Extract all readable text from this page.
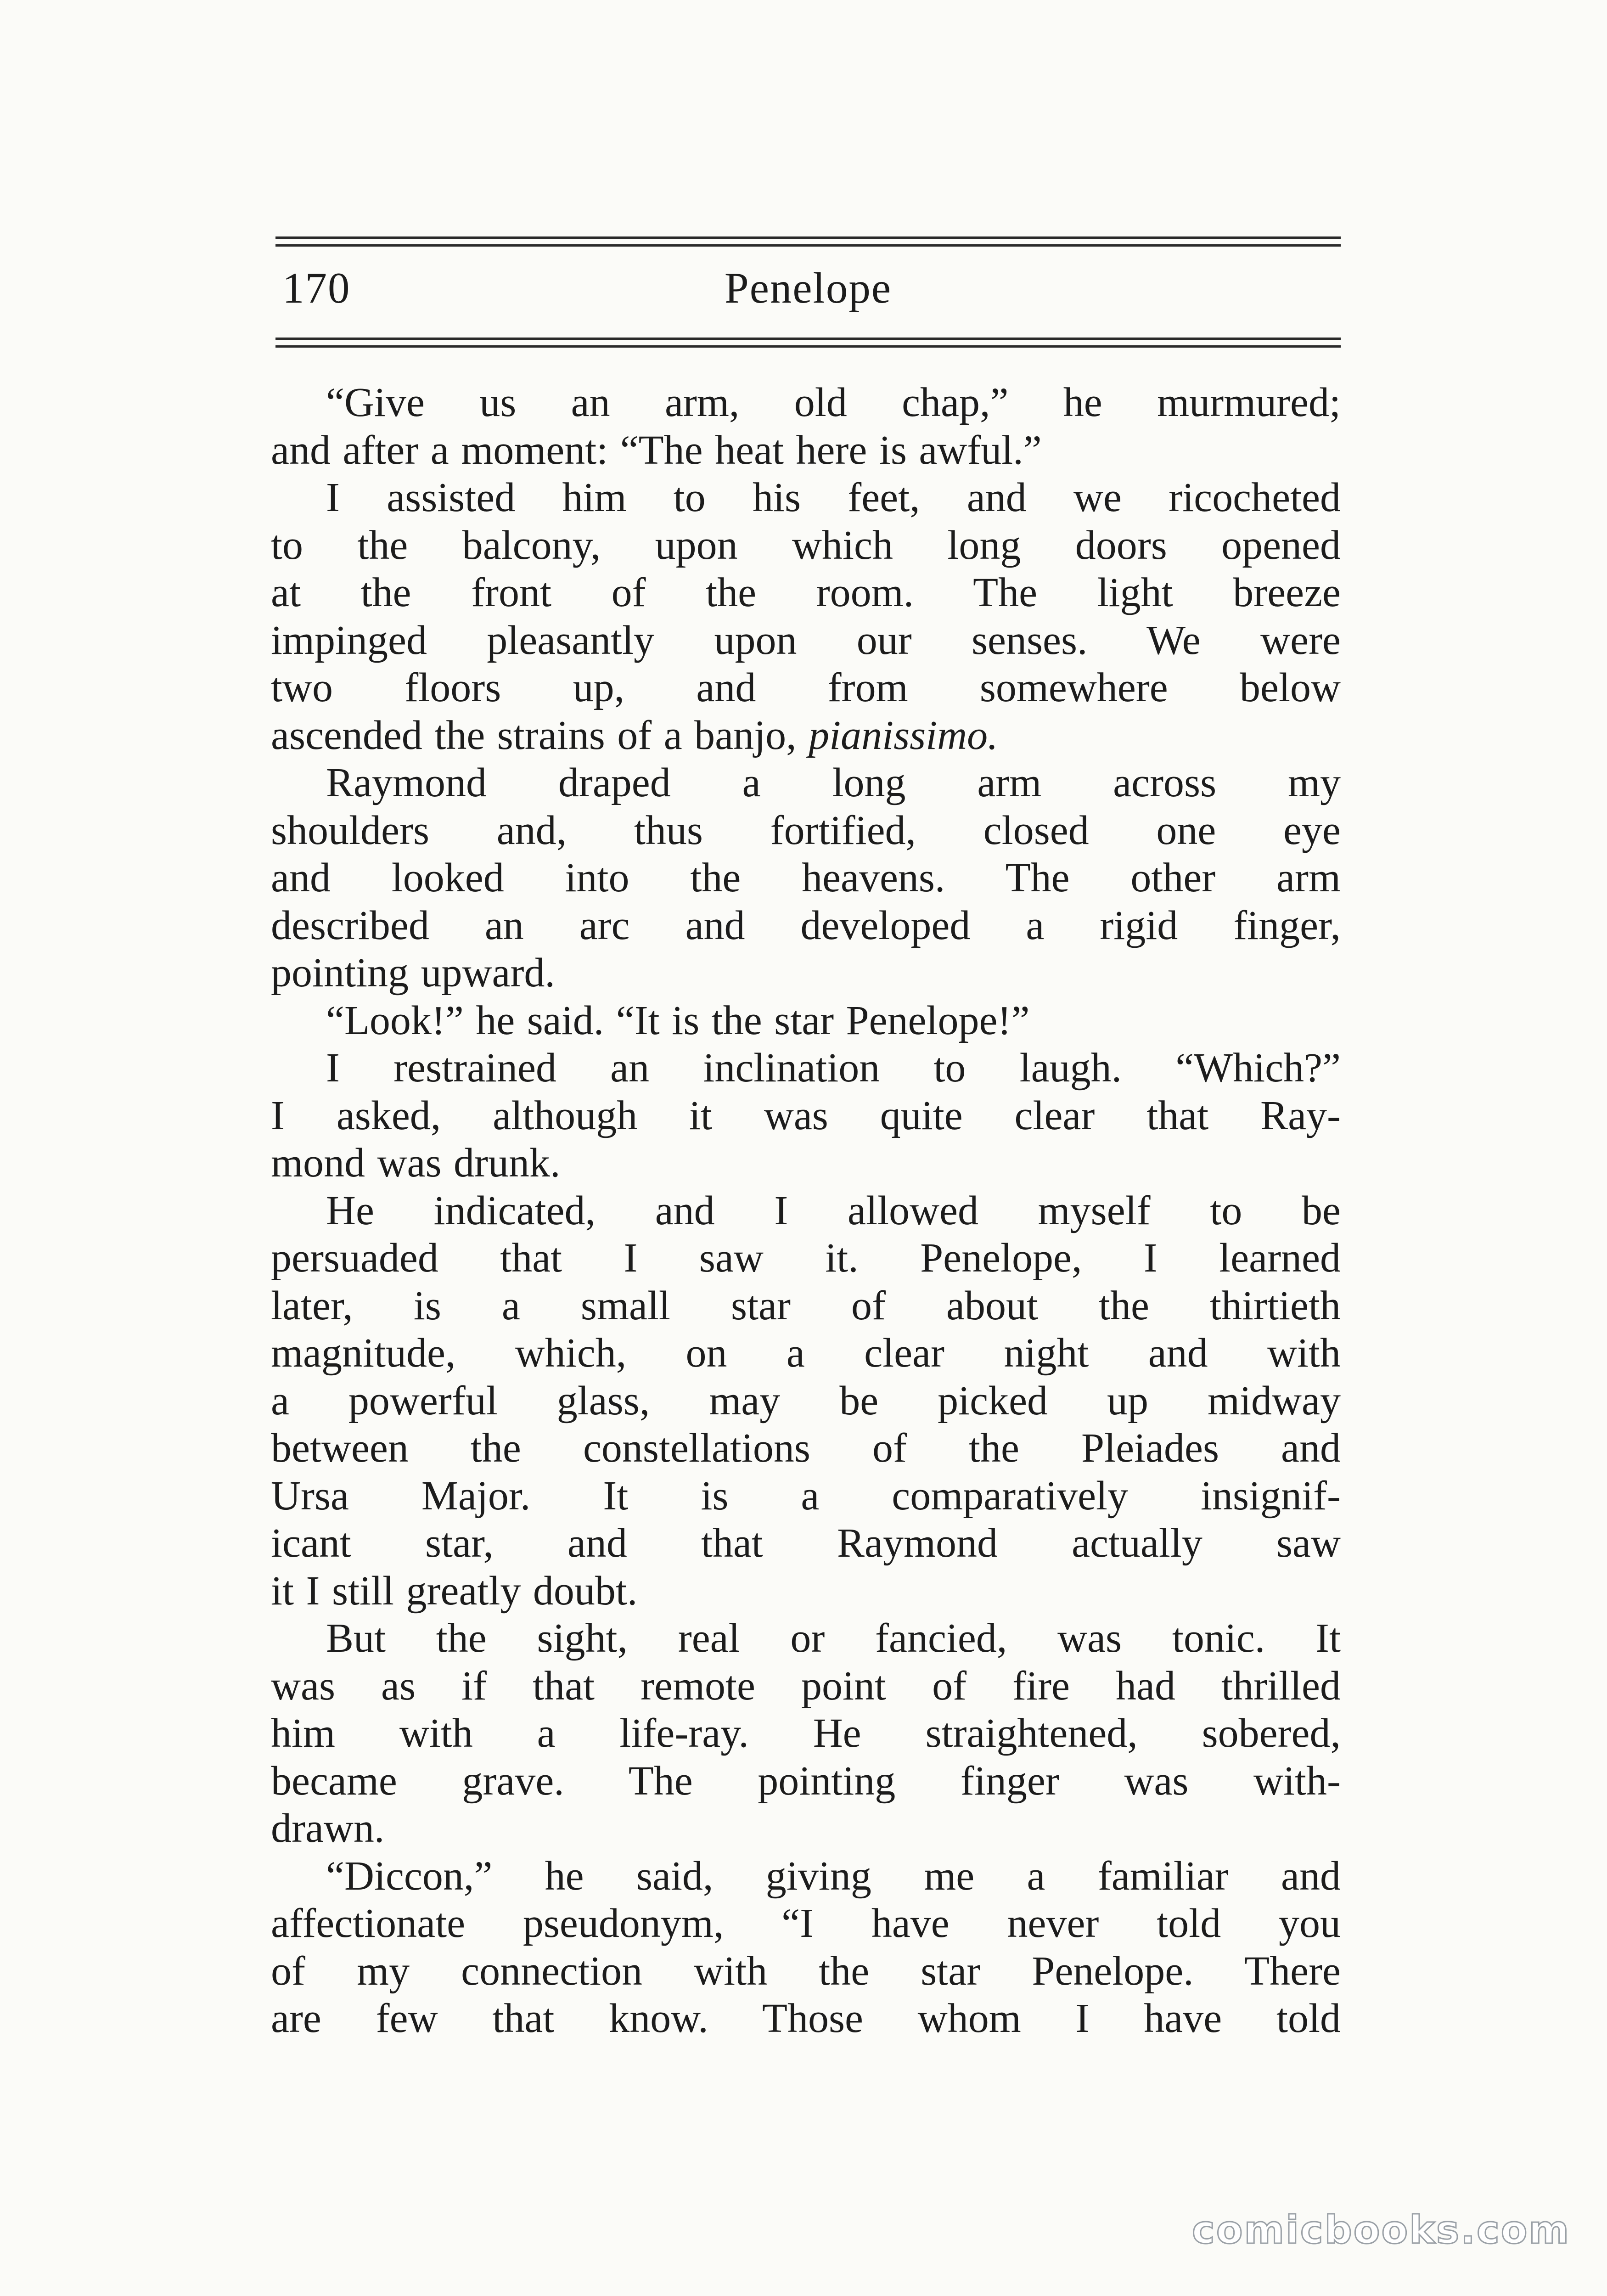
170	Penelope
“Give us an arm, old chap,” he murmured;
and after a moment: “The heat here is awful.”
I assisted him to his feet, and we ricocheted
to the balcony, upon which long doors opened
at the front of the room. The light breeze
impinged pleasantly upon our senses. We were
two floors up, and from somewhere below
ascended the strains of a banjo, pianissimo.
Raymond draped a long arm across my
shoulders and, thus fortified, closed one eye
and looked into the heavens. The other arm
described an arc and developed a rigid finger,
pointing upward.
“Look!” he said. “It is the star Penelope!”
I restrained an inclination to laugh. “Which?”
I asked, although it was quite clear that Ray-
mond was drunk.
He indicated, and I allowed myself to be
persuaded that I saw it. Penelope, I learned
later, is a small star of about the thirtieth
magnitude, which, on a clear night and with
a powerful glass, may be picked up midway
between the constellations of the Pleiades and
Ursa Major. It is a comparatively insignif-
icant star, and that Raymond actually saw
it I still greatly doubt.
But the sight, real or fancied, was tonic. It
was as if that remote point of fire had thrilled
him with a life-ray. He straightened, sobered,
became grave. The pointing finger was with-
drawn.
“Diccon,” he said, giving me a familiar and
affectionate pseudonym, “I have never told you
of my connection with the star Penelope. There
are few that know. Those whom I have told
comicbooks.com
